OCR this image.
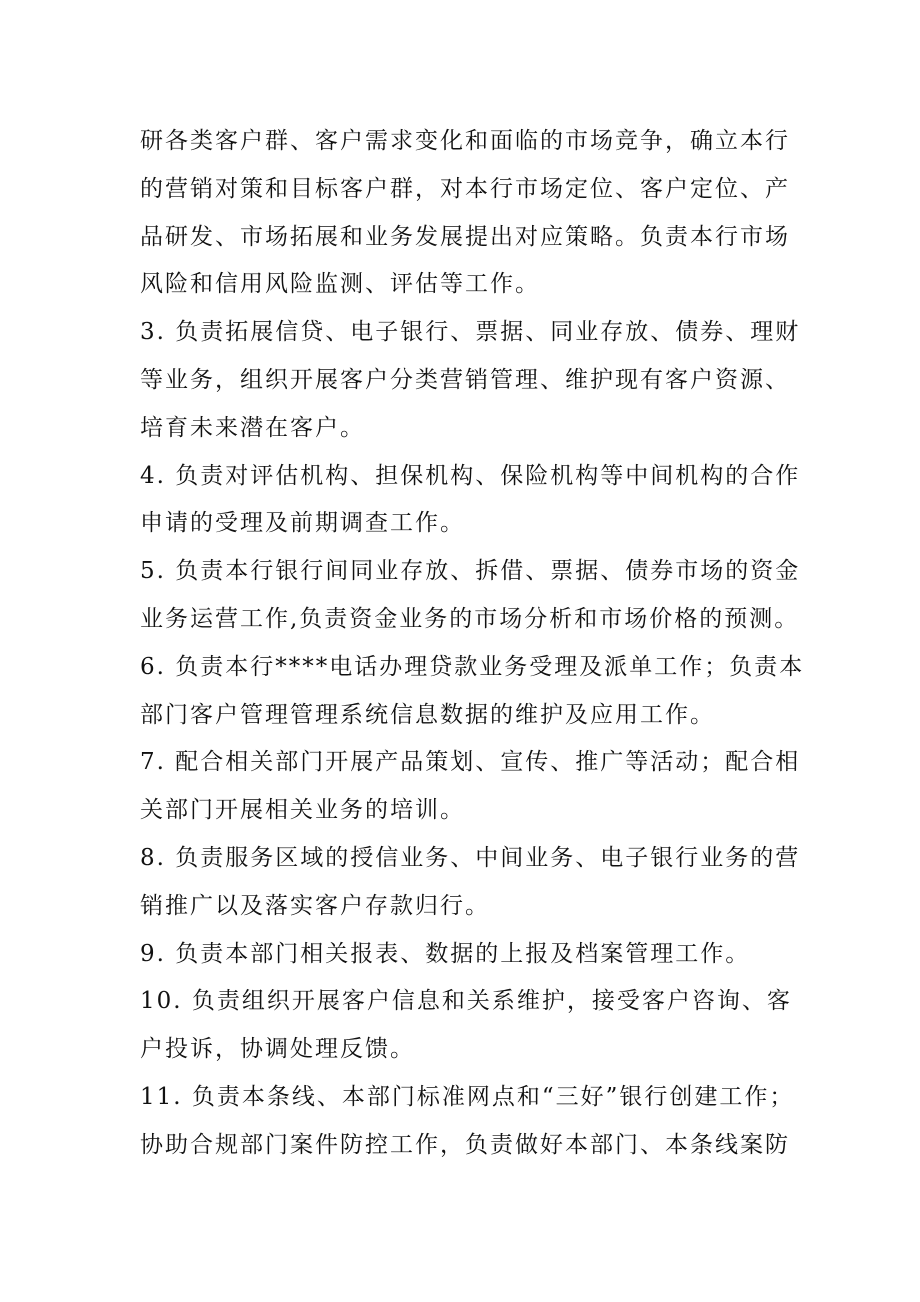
研各类客户群、客户需求变化和面临的市场竞争，确立本行
的营销对策和目标客户群，对本行市场定位、客户定位、产
品研发、市场拓展和业务发展提出对应策略。负责本行市场
风险和信用风险监测、评估等工作。
3. 负责拓展信贷、电子银行、票据、同业存放、债券、理财
等业务，组织开展客户分类营销管理、维护现有客户资源、
培育未来潜在客户。
4. 负责对评估机构、担保机构、保险机构等中间机构的合作
申请的受理及前期调查工作。
5. 负责本行银行间同业存放、拆借、票据、债券市场的资金
业务运营工作,负责资金业务的市场分析和市场价格的预测。
6. 负责本行****电话办理贷款业务受理及派单工作；负责本
部门客户管理管理系统信息数据的维护及应用工作。
7. 配合相关部门开展产品策划、宣传、推广等活动；配合相
关部门开展相关业务的培训。
8. 负责服务区域的授信业务、中间业务、电子银行业务的营
销推广以及落实客户存款归行。
9. 负责本部门相关报表、数据的上报及档案管理工作。
10. 负责组织开展客户信息和关系维护，接受客户咨询、客
户投诉，协调处理反馈。
11. 负责本条线、本部门标准网点和“三好”银行创建工作；
协助合规部门案件防控工作，负责做好本部门、本条线案防
